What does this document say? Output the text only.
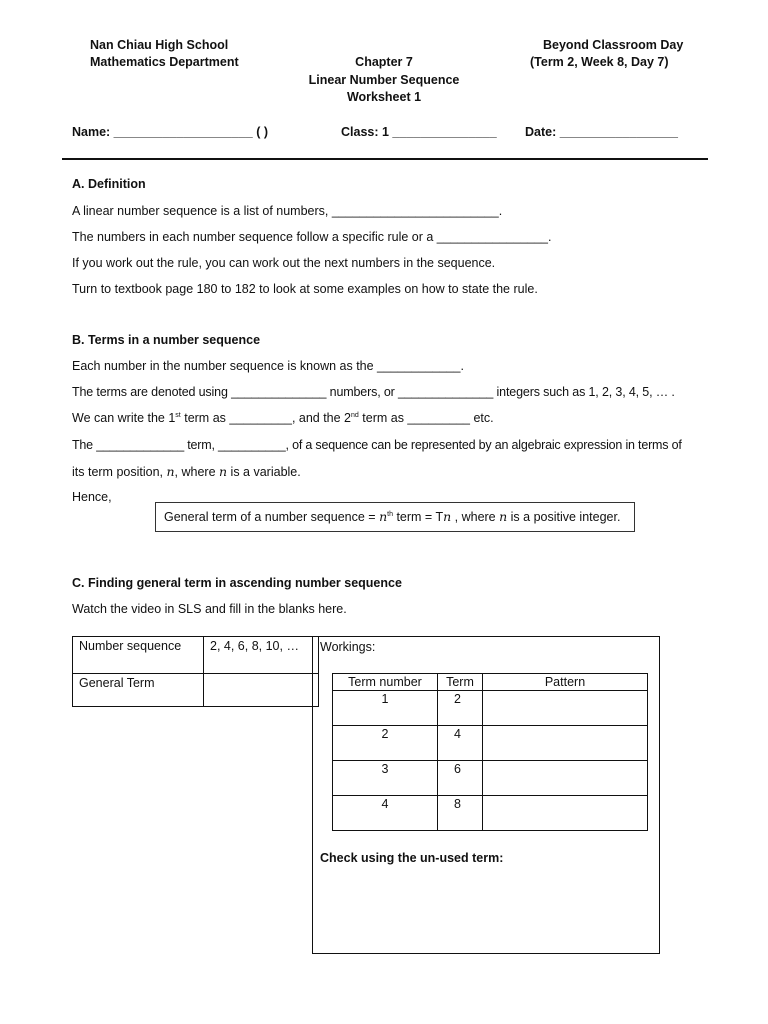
Nan Chiau High School
Mathematics Department	Chapter 7
Linear Number Sequence
Worksheet 1
Beyond Classroom Day
(Term 2, Week 8, Day 7)
Name: ____________________ ( )	Class: 1 _______________ Date: _________________
A. Definition
A linear number sequence is a list of numbers, ________________________.
The numbers in each number sequence follow a specific rule or a ________________.
If you work out the rule, you can work out the next numbers in the sequence.
Turn to textbook page 180 to 182 to look at some examples on how to state the rule.
B. Terms in a number sequence
Each number in the number sequence is known as the ____________.
The terms are denoted using ______________ numbers, or ______________ integers such as 1, 2, 3, 4, 5, … .
We can write the 1st term as _________, and the 2nd term as _________ etc.
The _____________ term, __________, of a sequence can be represented by an algebraic expression in terms of
its term position, n, where n is a variable.
Hence,
General term of a number sequence = $n^{th}$ term = Tn , where n is a positive integer.
C. Finding general term in ascending number sequence
Watch the video in SLS and fill in the blanks here.
Number sequence	2, 4, 6, 8, 10, …
General Term	
Workings:
Term number	Term	Pattern
1	2	
2	4	
3	6	
4	8	
Check using the un-used term:
